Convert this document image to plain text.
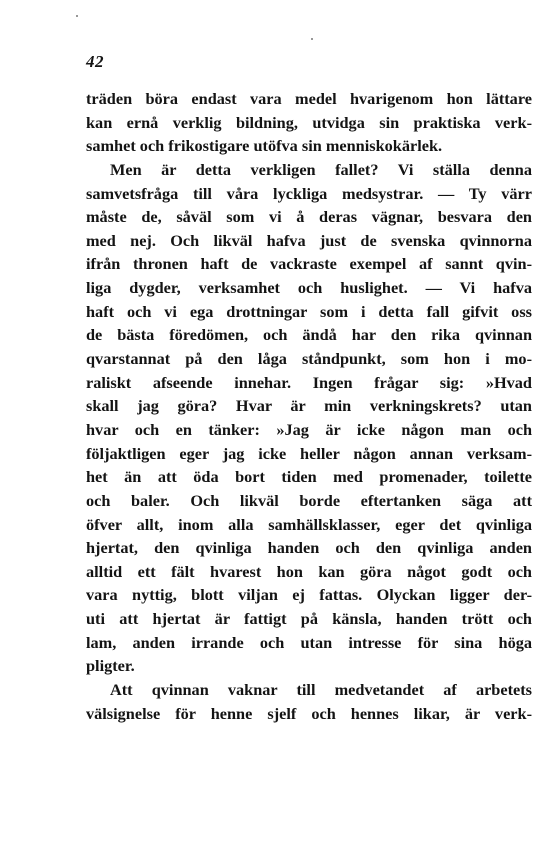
42
träden böra endast vara medel hvarigenom hon lättare
kan ernå verklig bildning, utvidga sin praktiska verk-
samhet och frikostigare utöfva sin menniskokärlek.
Men är detta verkligen fallet? Vi ställa denna
samvetsfråga till våra lyckliga medsystrar. — Ty värr
måste de, såväl som vi å deras vägnar, besvara den
med nej. Och likväl hafva just de svenska qvinnorna
ifrån thronen haft de vackraste exempel af sannt qvin-
liga dygder, verksamhet och huslighet. — Vi hafva
haft och vi ega drottningar som i detta fall gifvit oss
de bästa föredömen, och ändå har den rika qvinnan
qvarstannat på den låga ståndpunkt, som hon i mo-
raliskt afseende innehar. Ingen frågar sig: »Hvad
skall jag göra? Hvar är min verkningskrets? utan
hvar och en tänker: »Jag är icke någon man och
följaktligen eger jag icke heller någon annan verksam-
het än att öda bort tiden med promenader, toilette
och baler. Och likväl borde eftertanken säga att
öfver allt, inom alla samhällsklasser, eger det qvinliga
hjertat, den qvinliga handen och den qvinliga anden
alltid ett fält hvarest hon kan göra något godt och
vara nyttig, blott viljan ej fattas. Olyckan ligger der-
uti att hjertat är fattigt på känsla, handen trött och
lam, anden irrande och utan intresse för sina höga
pligter.
Att qvinnan vaknar till medvetandet af arbetets
välsignelse för henne sjelf och hennes likar, är verk-
